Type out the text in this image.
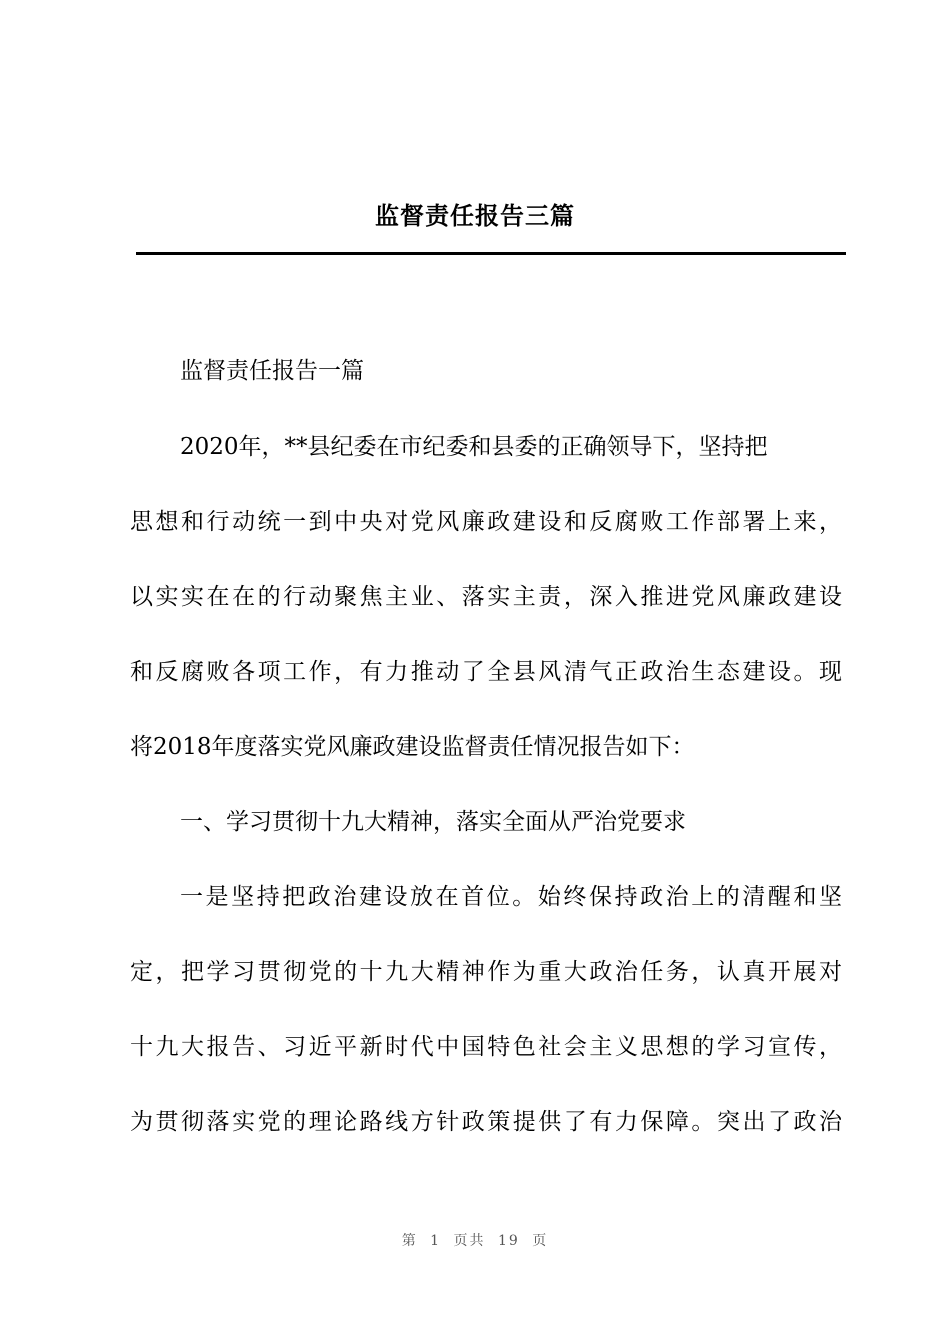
监督责任报告三篇
监督责任报告一篇
2020年，**县纪委在市纪委和县委的正确领导下，坚持把
思想和行动统一到中央对党风廉政建设和反腐败工作部署上来，
以实实在在的行动聚焦主业、落实主责，深入推进党风廉政建设
和反腐败各项工作，有力推动了全县风清气正政治生态建设。现
将2018年度落实党风廉政建设监督责任情况报告如下：
一、学习贯彻十九大精神，落实全面从严治党要求
一是坚持把政治建设放在首位。始终保持政治上的清醒和坚
定，把学习贯彻党的十九大精神作为重大政治任务，认真开展对
十九大报告、习近平新时代中国特色社会主义思想的学习宣传，
为贯彻落实党的理论路线方针政策提供了有力保障。突出了政治
第 1 页共 19 页
